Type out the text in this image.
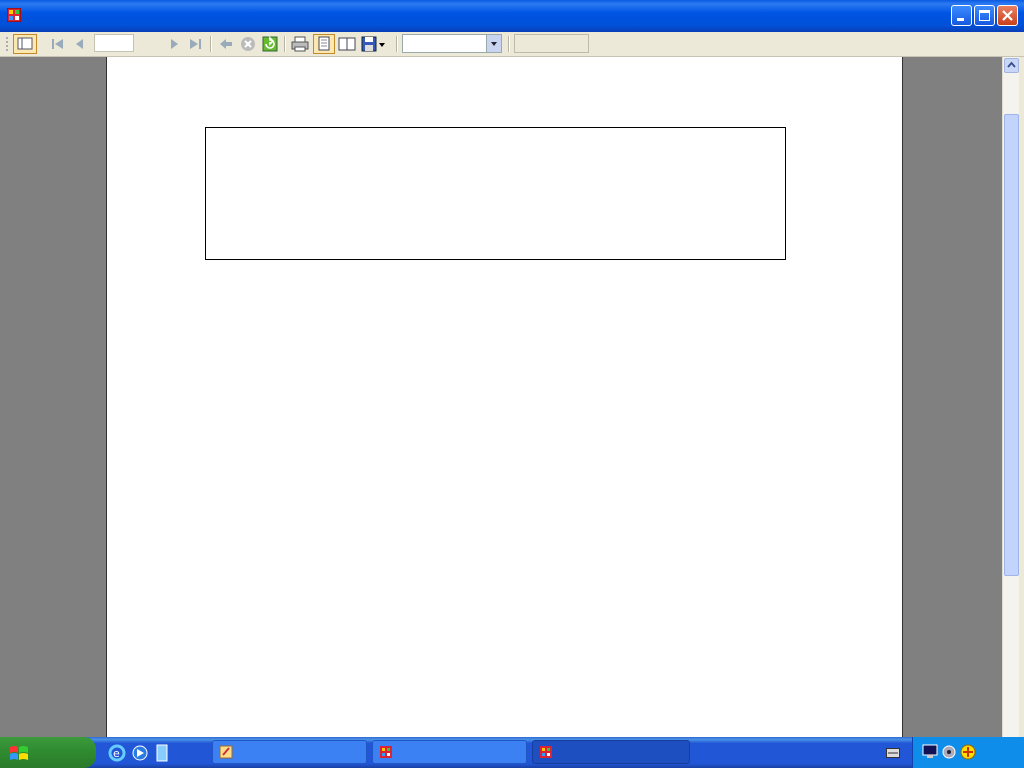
e
